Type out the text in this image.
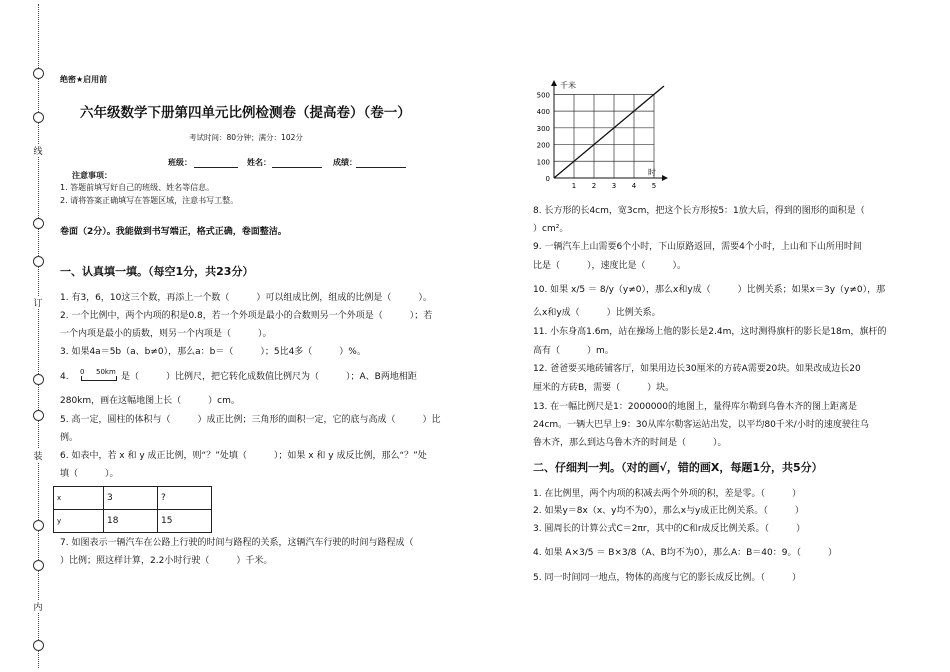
线
订
装
内
绝密★启用前
六年级数学下册第四单元比例检测卷（提高卷）（卷一）
考试时间：80分钟；满分：102分
班级：	姓名：	成绩：
注意事项：
1. 答题前填写好自己的班级、姓名等信息。
2. 请将答案正确填写在答题区域，注意书写工整。
卷面（2分）。我能做到书写端正，格式正确，卷面整洁。
一、认真填一填。（每空1分，共23分）
1. 有3，6，10这三个数，再添上一个数（　　　）可以组成比例，组成的比例是（　　　）。
2. 一个比例中，两个内项的积是0.8，若一个外项是最小的合数则另一个外项是（　　　）；若
一个内项是最小的质数，则另一个内项是（　　　）。
3. 如果4a＝5b（a、b≠0），那么a：b＝（　　　）；5比4多（　　　）%。
4. 0 50km 是（　　　）比例尺，把它转化成数值比例尺为（　　　）；A、B两地相距
280km，画在这幅地图上长（　　　）cm。
5. 高一定，圆柱的体积与（　　　）成正比例；三角形的面积一定，它的底与高成（　　　）比
例。
6. 如表中，若 x 和 y 成正比例，则“？”处填（　　　）；如果 x 和 y 成反比例，那么“？”处
填（　　　）。
x	3	?
y	18	15
7. 如图表示一辆汽车在公路上行驶的时间与路程的关系，这辆汽车行驶的时间与路程成（
）比例；照这样计算，2.2小时行驶（　　　）千米。
0
100
200
300
400
500
1 2 3 4 5
千米
时
8. 长方形的长4cm，宽3cm，把这个长方形按5：1放大后，得到的图形的面积是（
）cm²。
9. 一辆汽车上山需要6个小时，下山原路返回，需要4个小时，上山和下山所用时间
比是（　　　），速度比是（　　　）。
10. 如果 x/5 ＝ 8/y（y≠0），那么x和y成（　　　）比例关系；如果x＝3y（y≠0），那
么x和y成（　　　）比例关系。
11. 小东身高1.6m，站在操场上他的影长是2.4m，这时测得旗杆的影长是18m，旗杆的
高有（　　　）m。
12. 爸爸要买地砖铺客厅，如果用边长30厘米的方砖A需要20块。如果改成边长20
厘米的方砖B，需要（　　　）块。
13. 在一幅比例尺是1：2000000的地图上，量得库尔勒到乌鲁木齐的图上距离是
24cm。一辆大巴早上9：30从库尔勒客运站出发，以平均80千米/小时的速度驶往乌
鲁木齐，那么到达乌鲁木齐的时间是（　　　）。
二、仔细判一判。（对的画√，错的画X，每题1分，共5分）
1. 在比例里，两个内项的积减去两个外项的积，差是零。（　　　）
2. 如果y＝8x（x、y均不为0），那么x与y成正比例关系。（　　　）
3. 圆周长的计算公式C＝2πr，其中的C和r成反比例关系。（　　　）
4. 如果 A×3/5 ＝ B×3/8（A、B均不为0），那么A：B＝40：9。（　　　）
5. 同一时间同一地点，物体的高度与它的影长成反比例。（　　　）
